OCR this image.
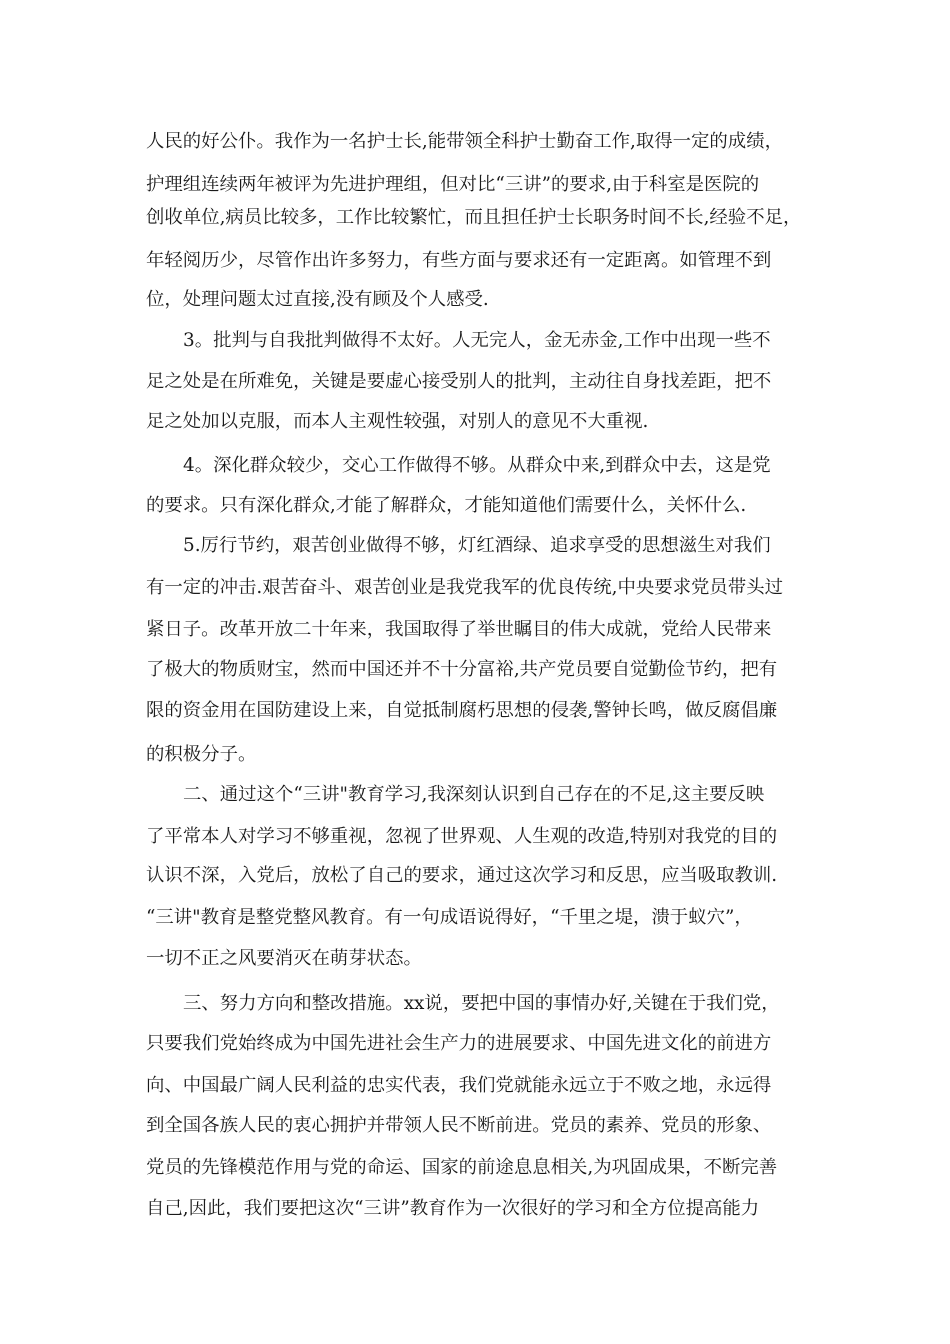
人民的好公仆。我作为一名护士长,能带领全科护士勤奋工作,取得一定的成绩，
护理组连续两年被评为先进护理组，但对比“三讲”的要求,由于科室是医院的
创收单位,病员比较多，工作比较繁忙，而且担任护士长职务时间不长,经验不足，
年轻阅历少，尽管作出许多努力，有些方面与要求还有一定距离。如管理不到
位，处理问题太过直接,没有顾及个人感受.
3。批判与自我批判做得不太好。人无完人，金无赤金,工作中出现一些不
足之处是在所难免，关键是要虚心接受别人的批判，主动往自身找差距，把不
足之处加以克服，而本人主观性较强，对别人的意见不大重视.
4。深化群众较少，交心工作做得不够。从群众中来,到群众中去，这是党
的要求。只有深化群众,才能了解群众，才能知道他们需要什么，关怀什么.
5.厉行节约，艰苦创业做得不够，灯红酒绿、追求享受的思想滋生对我们
有一定的冲击.艰苦奋斗、艰苦创业是我党我军的优良传统,中央要求党员带头过
紧日子。改革开放二十年来，我国取得了举世瞩目的伟大成就，党给人民带来
了极大的物质财宝，然而中国还并不十分富裕,共产党员要自觉勤俭节约，把有
限的资金用在国防建设上来，自觉抵制腐朽思想的侵袭,警钟长鸣，做反腐倡廉
的积极分子。
二、通过这个“三讲"教育学习,我深刻认识到自己存在的不足,这主要反映
了平常本人对学习不够重视，忽视了世界观、人生观的改造,特别对我党的目的
认识不深，入党后，放松了自己的要求，通过这次学习和反思，应当吸取教训.
“三讲"教育是整党整风教育。有一句成语说得好，“千里之堤，溃于蚁穴”，
一切不正之风要消灭在萌芽状态。
三、努力方向和整改措施。xx说，要把中国的事情办好,关键在于我们党，
只要我们党始终成为中国先进社会生产力的进展要求、中国先进文化的前进方
向、中国最广阔人民利益的忠实代表，我们党就能永远立于不败之地，永远得
到全国各族人民的衷心拥护并带领人民不断前进。党员的素养、党员的形象、
党员的先锋模范作用与党的命运、国家的前途息息相关,为巩固成果，不断完善
自己,因此，我们要把这次“三讲”教育作为一次很好的学习和全方位提高能力
